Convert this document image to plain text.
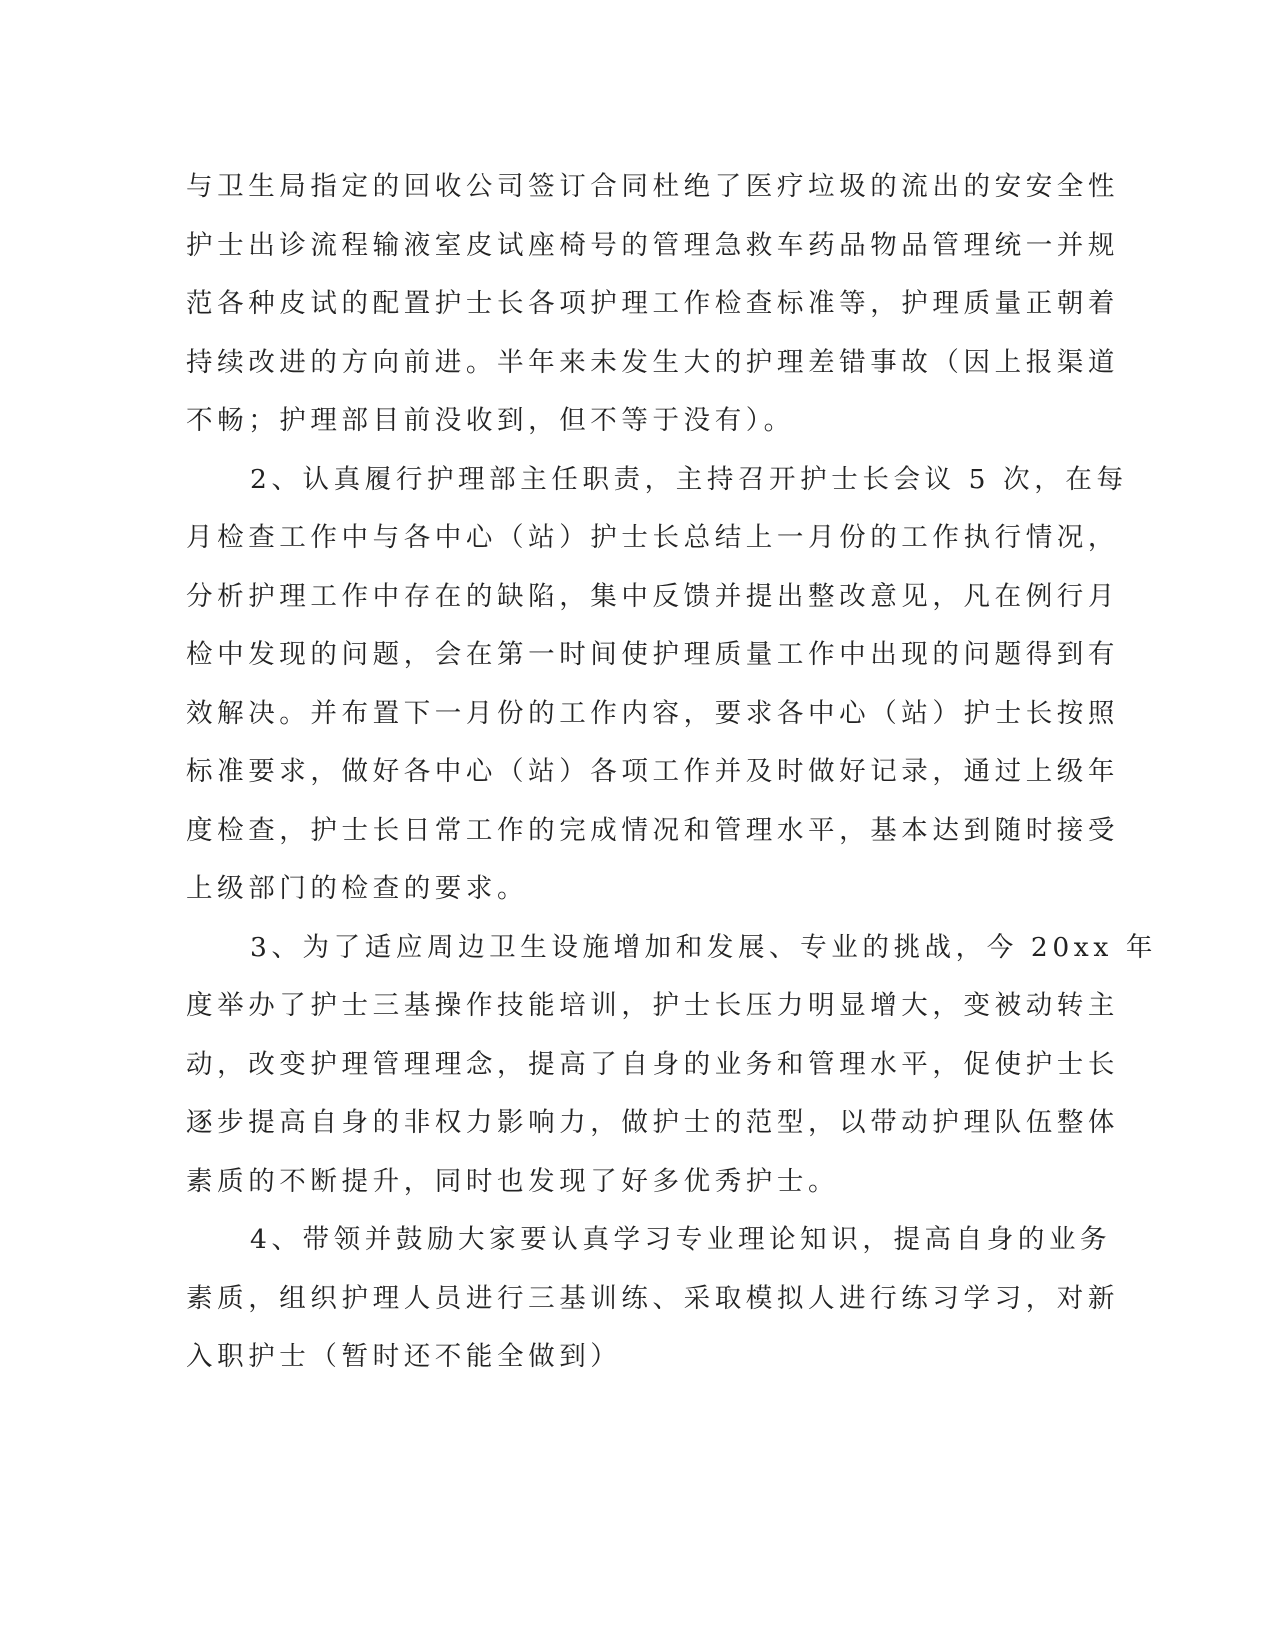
与卫生局指定的回收公司签订合同杜绝了医疗垃圾的流出的安安全性
护士出诊流程输液室皮试座椅号的管理急救车药品物品管理统一并规
范各种皮试的配置护士长各项护理工作检查标准等，护理质量正朝着
持续改进的方向前进。半年来未发生大的护理差错事故（因上报渠道
不畅；护理部目前没收到，但不等于没有）。
2、认真履行护理部主任职责，主持召开护士长会议 5 次，在每
月检查工作中与各中心（站）护士长总结上一月份的工作执行情况，
分析护理工作中存在的缺陷，集中反馈并提出整改意见，凡在例行月
检中发现的问题，会在第一时间使护理质量工作中出现的问题得到有
效解决。并布置下一月份的工作内容，要求各中心（站）护士长按照
标准要求，做好各中心（站）各项工作并及时做好记录，通过上级年
度检查，护士长日常工作的完成情况和管理水平，基本达到随时接受
上级部门的检查的要求。
3、为了适应周边卫生设施增加和发展、专业的挑战，今 20xx 年
度举办了护士三基操作技能培训，护士长压力明显增大，变被动转主
动，改变护理管理理念，提高了自身的业务和管理水平，促使护士长
逐步提高自身的非权力影响力，做护士的范型，以带动护理队伍整体
素质的不断提升，同时也发现了好多优秀护士。
4、带领并鼓励大家要认真学习专业理论知识，提高自身的业务
素质，组织护理人员进行三基训练、采取模拟人进行练习学习，对新
入职护士（暂时还不能全做到）
